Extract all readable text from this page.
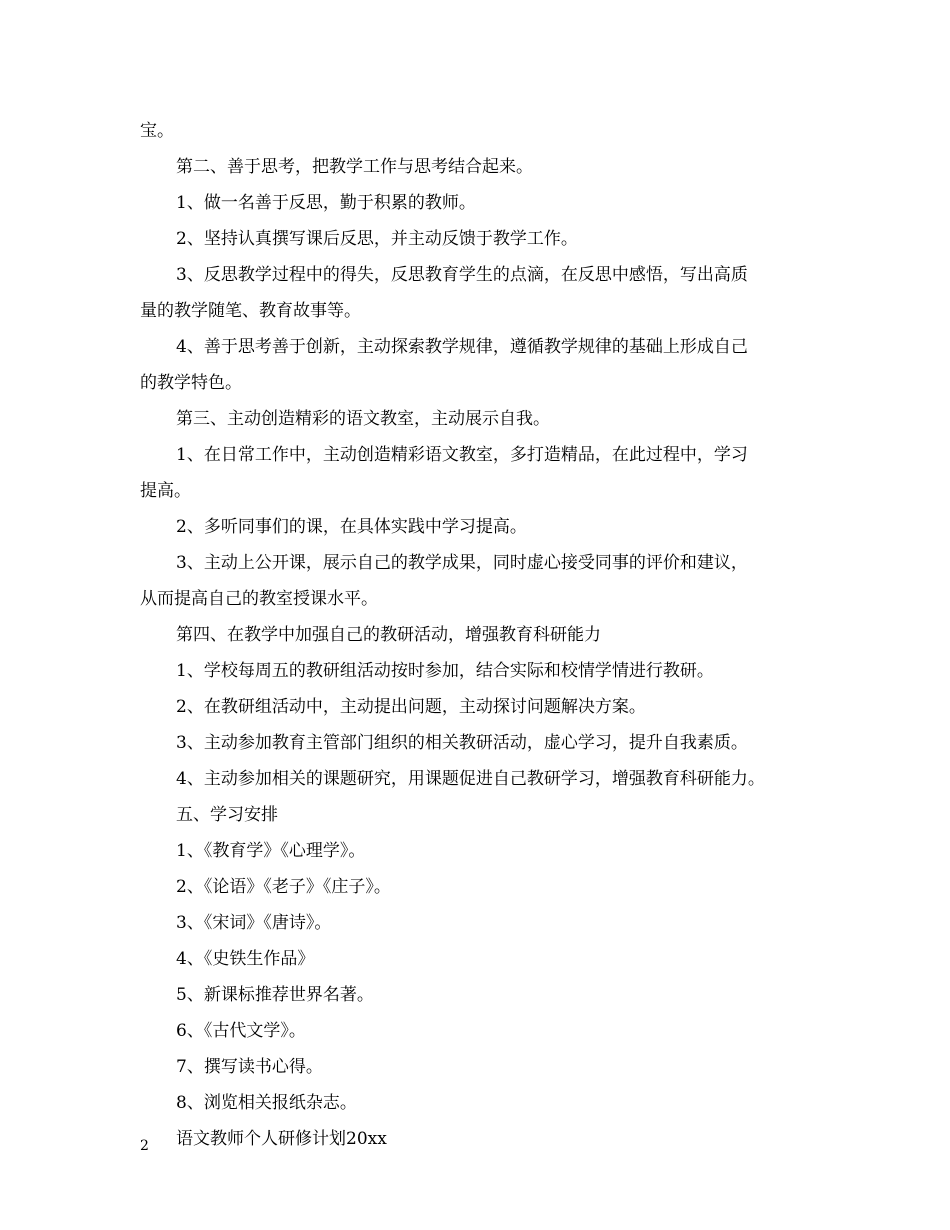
宝。
第二、善于思考，把教学工作与思考结合起来。
1、做一名善于反思，勤于积累的教师。
2、坚持认真撰写课后反思，并主动反馈于教学工作。
3、反思教学过程中的得失，反思教育学生的点滴，在反思中感悟，写出高质
量的教学随笔、教育故事等。
4、善于思考善于创新，主动探索教学规律，遵循教学规律的基础上形成自己
的教学特色。
第三、主动创造精彩的语文教室，主动展示自我。
1、在日常工作中，主动创造精彩语文教室，多打造精品，在此过程中，学习
提高。
2、多听同事们的课，在具体实践中学习提高。
3、主动上公开课，展示自己的教学成果，同时虚心接受同事的评价和建议，
从而提高自己的教室授课水平。
第四、在教学中加强自己的教研活动，增强教育科研能力
1、学校每周五的教研组活动按时参加，结合实际和校情学情进行教研。
2、在教研组活动中，主动提出问题，主动探讨问题解决方案。
3、主动参加教育主管部门组织的相关教研活动，虚心学习，提升自我素质。
4、主动参加相关的课题研究，用课题促进自己教研学习，增强教育科研能力。
五、学习安排
1、《教育学》《心理学》。
2、《论语》《老子》《庄子》。
3、《宋词》《唐诗》。
4、《史铁生作品》
5、新课标推荐世界名著。
6、《古代文学》。
7、撰写读书心得。
8、浏览相关报纸杂志。
语文教师个人研修计划20xx
2
